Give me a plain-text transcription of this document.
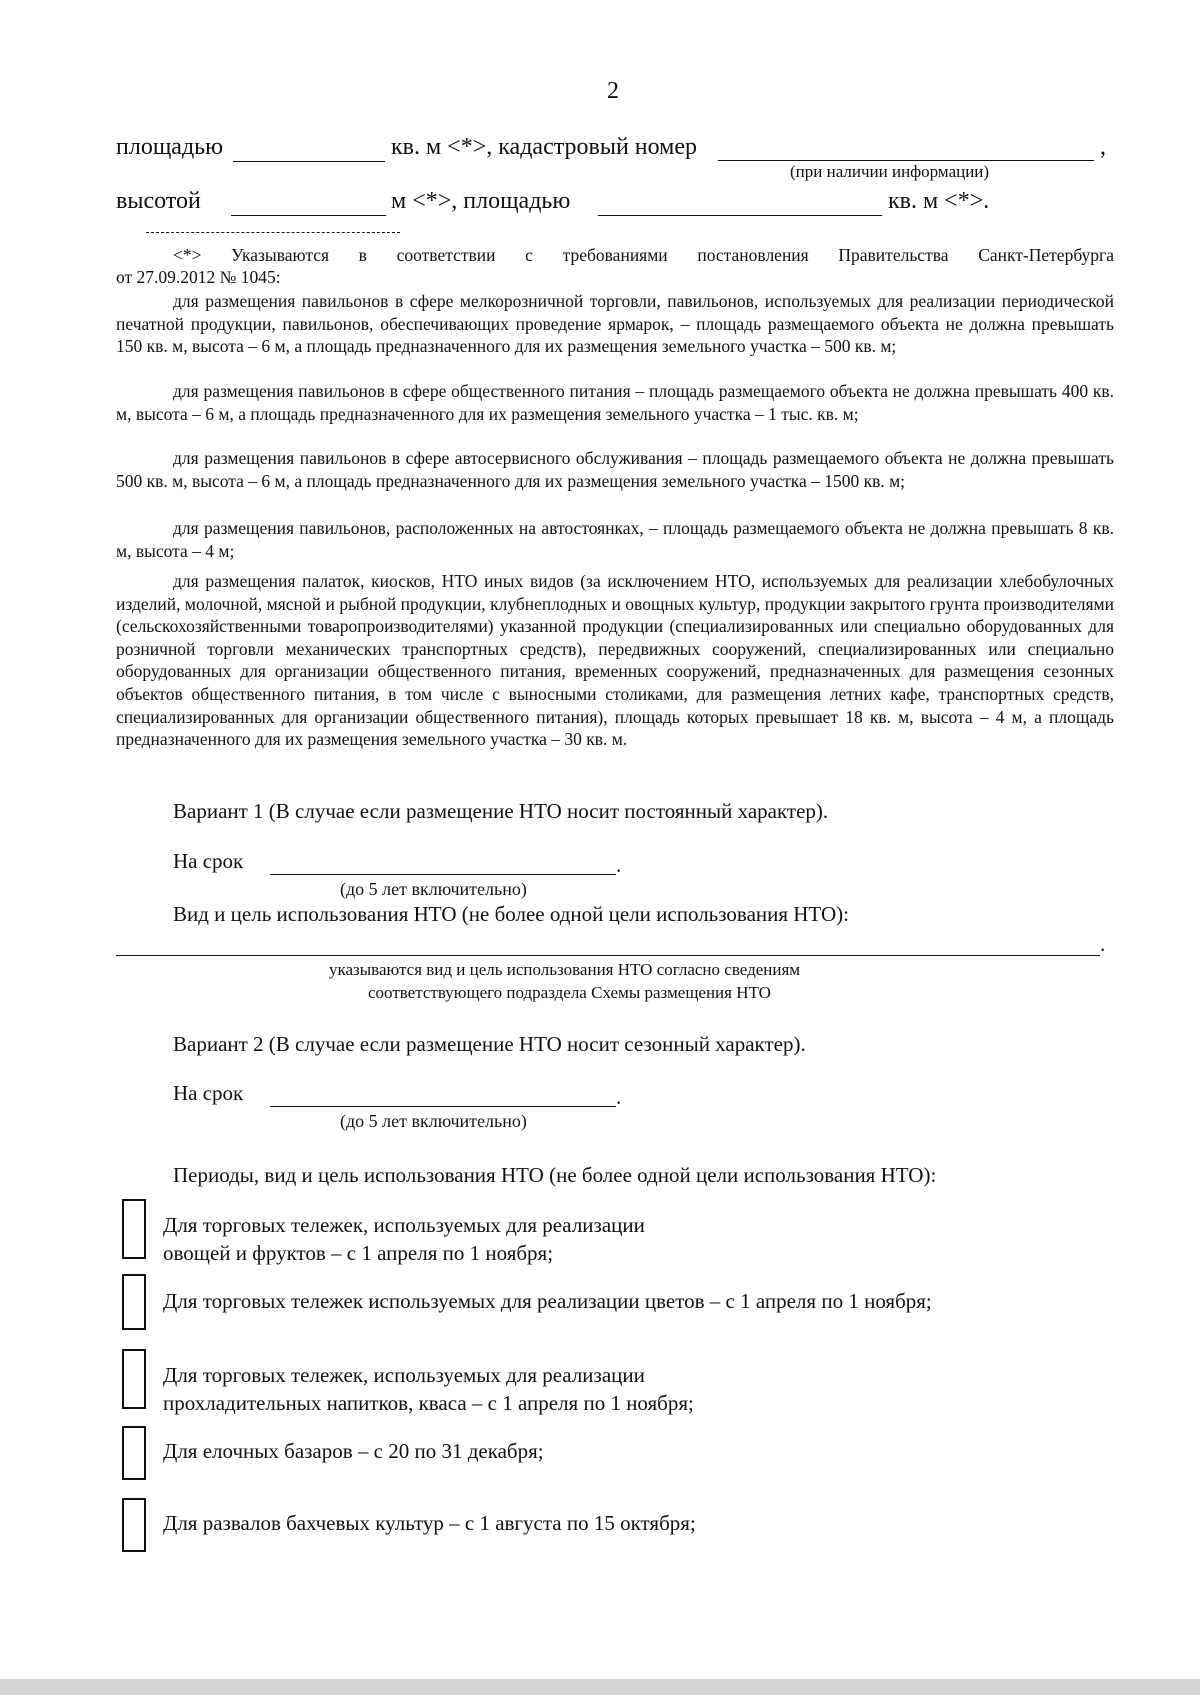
2
площадью	кв. м <*>, кадастровый номер	,
(при наличии информации)
высотой	м <*>, площадью	кв. м <*>.
<*> Указываются в соответствии с требованиями постановления Правительства Санкт-Петербурга
от 27.09.2012 № 1045:
для размещения павильонов в сфере мелкорозничной торговли, павильонов, используемых для реализации периодической печатной продукции, павильонов, обеспечивающих проведение ярмарок, – площадь размещаемого объекта не должна превышать 150 кв. м, высота – 6 м, а площадь предназначенного для их размещения земельного участка – 500 кв. м;
для размещения павильонов в сфере общественного питания – площадь размещаемого объекта не должна превышать 400 кв. м, высота – 6 м, а площадь предназначенного для их размещения земельного участка – 1 тыс. кв. м;
для размещения павильонов в сфере автосервисного обслуживания – площадь размещаемого объекта не должна превышать 500 кв. м, высота – 6 м, а площадь предназначенного для их размещения земельного участка – 1500 кв. м;
для размещения павильонов, расположенных на автостоянках, – площадь размещаемого объекта не должна превышать 8 кв. м, высота – 4 м;
для размещения палаток, киосков, НТО иных видов (за исключением НТО, используемых для реализации хлебобулочных изделий, молочной, мясной и рыбной продукции, клубнеплодных и овощных культур, продукции закрытого грунта производителями (сельскохозяйственными товаропроизводителями) указанной продукции (специализированных или специально оборудованных для розничной торговли механических транспортных средств), передвижных сооружений, специализированных или специально оборудованных для организации общественного питания, временных сооружений, предназначенных для размещения сезонных объектов общественного питания, в том числе с выносными столиками, для размещения летних кафе, транспортных средств, специализированных для организации общественного питания), площадь которых превышает 18 кв. м, высота – 4 м, а площадь предназначенного для их размещения земельного участка – 30 кв. м.
Вариант 1 (В случае если размещение НТО носит постоянный характер).
На срок	.
(до 5 лет включительно)
Вид и цель использования НТО (не более одной цели использования НТО):
.
указываются вид и цель использования НТО согласно сведениям
соответствующего подраздела Схемы размещения НТО
Вариант 2 (В случае если размещение НТО носит сезонный характер).
На срок	.
(до 5 лет включительно)
Периоды, вид и цель использования НТО (не более одной цели использования НТО):
Для торговых тележек, используемых для реализации
овощей и фруктов – с 1 апреля по 1 ноября;
Для торговых тележек используемых для реализации цветов – с 1 апреля по 1 ноября;
Для торговых тележек, используемых для реализации
прохладительных напитков, кваса – с 1 апреля по 1 ноября;
Для елочных базаров – с 20 по 31 декабря;
Для развалов бахчевых культур – с 1 августа по 15 октября;
